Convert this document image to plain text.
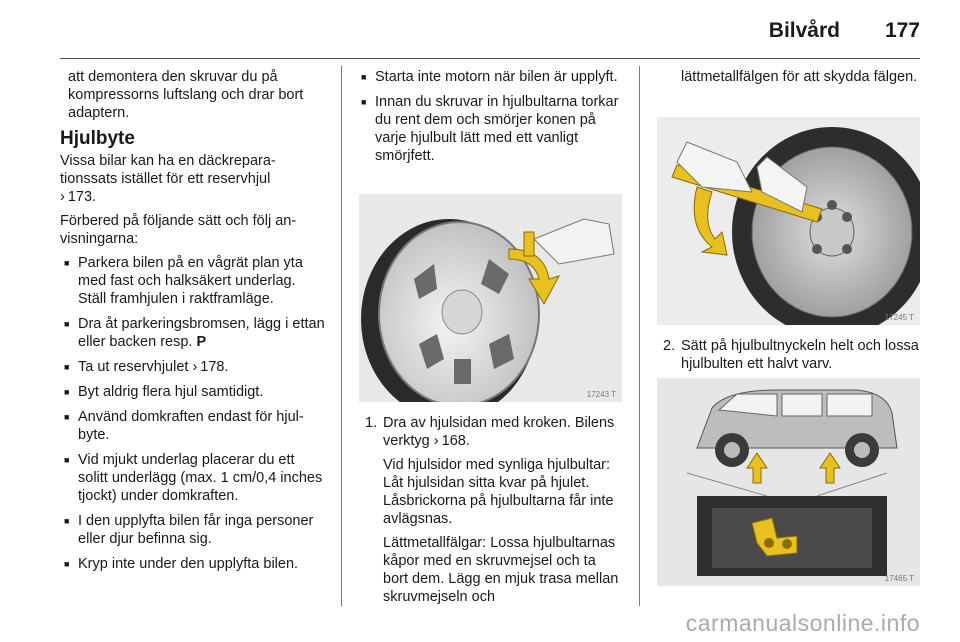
Bilvård 177

att demontera den skruvar du på kompressorns luftslang och drar bort adaptern.

Hjulbyte

Vissa bilar kan ha en däckreparationssats istället för ett reservhjul
› 173.

Förbered på följande sätt och följ anvisningarna:

■ Parkera bilen på en vågrät plan yta med fast och halksäkert underlag. Ställ framhjulen i raktframläge.
■ Dra åt parkeringsbromsen, lägg i ettan eller backen resp. P
■ Ta ut reservhjulet › 178.
■ Byt aldrig flera hjul samtidigt.
■ Använd domkraften endast för hjulbyte.
■ Vid mjukt underlag placerar du ett solitt underlägg (max. 1 cm/0,4 inches tjockt) under domkraften.
■ I den upplyfta bilen får inga personer eller djur befinna sig.
■ Kryp inte under den upplyfta bilen.
■ Starta inte motorn när bilen är upplyft.
■ Innan du skruvar in hjulbultarna torkar du rent dem och smörjer konen på varje hjulbult lätt med ett vanligt smörjfett.
17243 T
1. Dra av hjulsidan med kroken. Bilens verktyg › 168.

Vid hjulsidor med synliga hjulbultar: Låt hjulsidan sitta kvar på hjulet. Låsbrickorna på hjulbultarna får inte avlägsnas.

Lättmetallfälgar: Lossa hjulbultarnas kåpor med en skruvmejsel och ta bort dem. Lägg en mjuk trasa mellan skruvmejseln och

lättmetallfälgen för att skydda fälgen.

17245 T
2. Sätt på hjulbultnyckeln helt och lossa hjulbulten ett halvt varv.

17465 T
carmanualsonline.info
